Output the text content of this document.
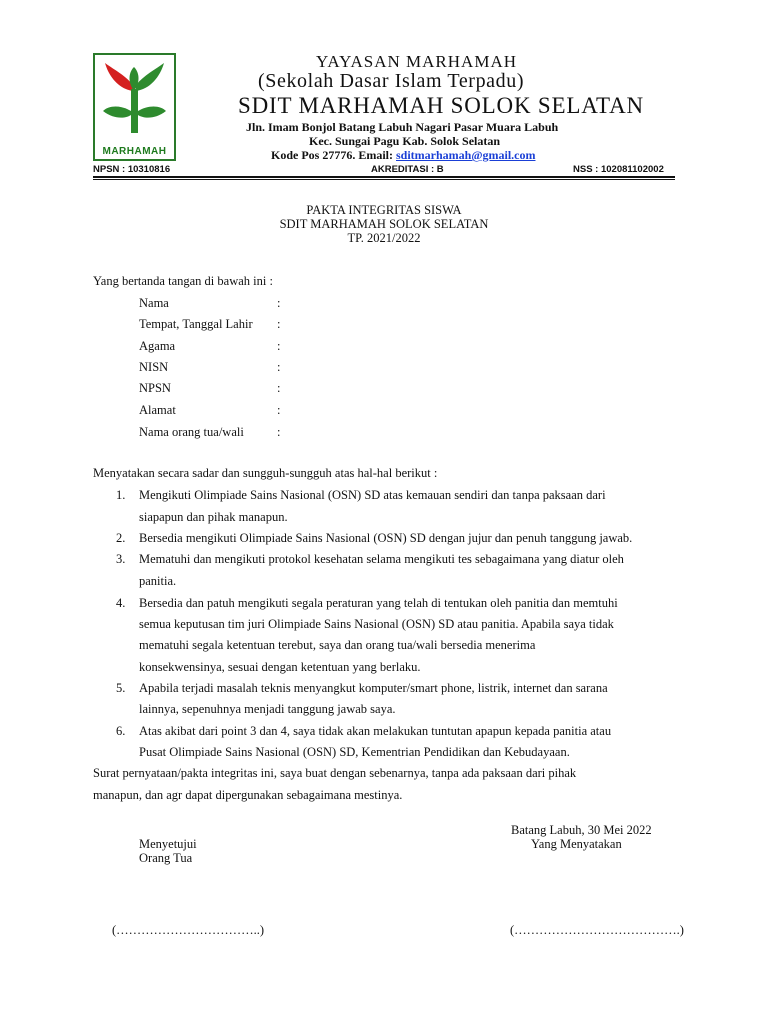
MARHAMAH
YAYASAN MARHAMAH
(Sekolah Dasar Islam Terpadu)
SDIT MARHAMAH SOLOK SELATAN
Jln. Imam Bonjol Batang Labuh Nagari Pasar Muara Labuh
Kec. Sungai Pagu Kab. Solok Selatan
Kode Pos 27776. Email: sditmarhamah@gmail.com
NPSN : 10310816	AKREDITASI : B	NSS : 102081102002
PAKTA INTEGRITAS SISWA
SDIT MARHAMAH SOLOK SELATAN
TP. 2021/2022
Yang bertanda tangan di bawah ini :
Nama	:
Tempat, Tanggal Lahir :
Agama	:
NISN	:
NPSN	:
Alamat	:
Nama orang tua/wali	:
Menyatakan secara sadar dan sungguh-sungguh atas hal-hal berikut :
1. Mengikuti Olimpiade Sains Nasional (OSN) SD atas kemauan sendiri dan tanpa paksaan dari
siapapun dan pihak manapun.
2. Bersedia mengikuti Olimpiade Sains Nasional (OSN) SD dengan jujur dan penuh tanggung jawab.
3. Mematuhi dan mengikuti protokol kesehatan selama mengikuti tes sebagaimana yang diatur oleh
panitia.
4. Bersedia dan patuh mengikuti segala peraturan yang telah di tentukan oleh panitia dan memtuhi
semua keputusan tim juri Olimpiade Sains Nasional (OSN) SD atau panitia. Apabila saya tidak
mematuhi segala ketentuan terebut, saya dan orang tua/wali bersedia menerima
konsekwensinya, sesuai dengan ketentuan yang berlaku.
5. Apabila terjadi masalah teknis menyangkut komputer/smart phone, listrik, internet dan sarana
lainnya, sepenuhnya menjadi tanggung jawab saya.
6. Atas akibat dari point 3 dan 4, saya tidak akan melakukan tuntutan apapun kepada panitia atau
Pusat Olimpiade Sains Nasional (OSN) SD, Kementrian Pendidikan dan Kebudayaan.
Surat pernyataan/pakta integritas ini, saya buat dengan sebenarnya, tanpa ada paksaan dari pihak
manapun, dan agr dapat dipergunakan sebagaimana mestinya.
Batang Labuh, 30 Mei 2022
Menyetujui
Orang Tua
Yang Menyatakan
(……………………………..)	(………………………………….)
